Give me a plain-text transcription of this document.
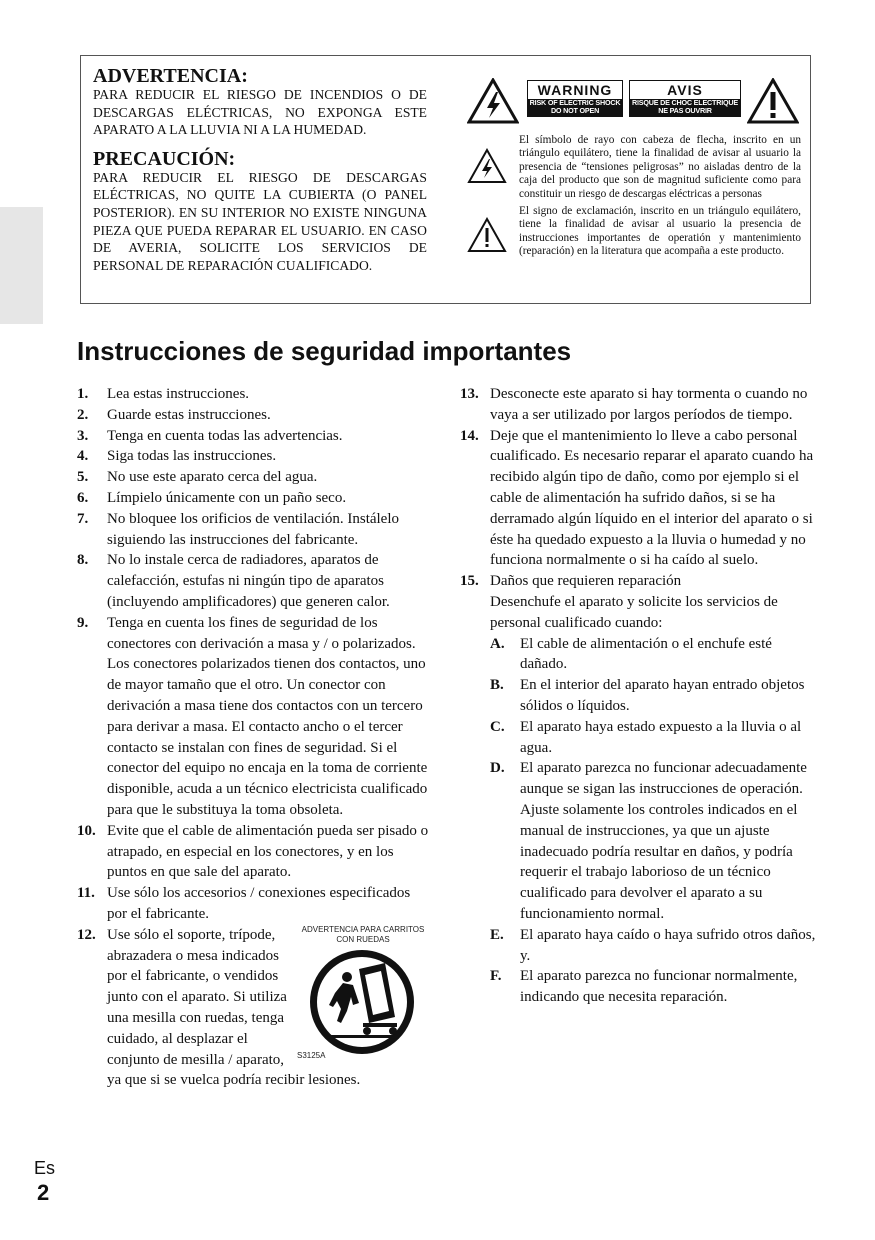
ADVERTENCIA:

PARA REDUCIR EL RIESGO DE INCENDIOS O DE DESCARGAS ELÉCTRICAS, NO EXPONGA ESTE APARATO A LA LLUVIA NI A LA HUMEDAD.

PRECAUCIÓN:

PARA REDUCIR EL RIESGO DE DESCARGAS ELÉCTRICAS, NO QUITE LA CUBIERTA (O PANEL POSTERIOR). EN SU INTERIOR NO EXISTE NINGUNA PIEZA QUE PUEDA REPARAR EL USUARIO. EN CASO DE AVERIA, SOLICITE LOS SERVICIOS DE PERSONAL DE REPARACIÓN CUALIFICADO.

WARNING
RISK OF ELECTRIC SHOCK
DO NOT OPEN
AVIS
RISQUE DE CHOC ELECTRIQUE
NE PAS OUVRIR

El símbolo de rayo con cabeza de flecha, inscrito en un triángulo equilátero, tiene la finalidad de avisar al usuario la presencia de “tensiones peligrosas” no aisladas dentro de la caja del producto que son de magnitud suficiente como para constituir un riesgo de descargas eléctricas a personas

El signo de exclamación, inscrito en un triángulo equilátero, tiene la finalidad de avisar al usuario la presencia de instrucciones importantes de operatión y mantenimiento (reparación) en la literatura que acompaña a este producto.

Instrucciones de seguridad importantes
1. Lea estas instrucciones.
2. Guarde estas instrucciones.
3. Tenga en cuenta todas las advertencias.
4. Siga todas las instrucciones.
5. No use este aparato cerca del agua.
6. Límpielo únicamente con un paño seco.
7. No bloquee los orificios de ventilación. Instálelo siguiendo las instrucciones del fabricante.
8. No lo instale cerca de radiadores, aparatos de calefacción, estufas ni ningún tipo de aparatos (incluyendo amplificadores) que generen calor.
9. Tenga en cuenta los fines de seguridad de los conectores con derivación a masa y / o polarizados. Los conectores polarizados tienen dos contactos, uno de mayor tamaño que el otro. Un conector con derivación a masa tiene dos contactos con un tercero para derivar a masa. El contacto ancho o el tercer contacto se instalan con fines de seguridad. Si el conector del equipo no encaja en la toma de corriente disponible, acuda a un técnico electricista cualificado para que le substituya la toma obsoleta.
10. Evite que el cable de alimentación pueda ser pisado o atrapado, en especial en los conectores, y en los puntos en que sale del aparato.
11. Use sólo los accesorios / conexiones especificados por el fabricante.
12.	ADVERTENCIA PARA CARRITOS CON RUEDAS
S3125A
Use sólo el soporte, trípode, abrazadera o mesa indicados por el fabricante, o vendidos junto con el aparato. Si utiliza una mesilla con ruedas, tenga cuidado, al desplazar el conjunto de mesilla / aparato, ya que si se vuelca podría recibir lesiones.
13. Desconecte este aparato si hay tormenta o cuando no vaya a ser utilizado por largos períodos de tiempo.
14. Deje que el mantenimiento lo lleve a cabo personal cualificado. Es necesario reparar el aparato cuando ha recibido algún tipo de daño, como por ejemplo si el cable de alimentación ha sufrido daños, si se ha derramado algún líquido en el interior del aparato o si éste ha quedado expuesto a la lluvia o humedad y no funciona normalmente o si ha caído al suelo.
15. Daños que requieren reparación
Desenchufe el aparato y solicite los servicios de personal cualificado cuando:
A. El cable de alimentación o el enchufe esté dañado.
B. En el interior del aparato hayan entrado objetos sólidos o líquidos.
C. El aparato haya estado expuesto a la lluvia o al agua.
D. El aparato parezca no funcionar adecuadamente aunque se sigan las instrucciones de operación. Ajuste solamente los controles indicados en el manual de instrucciones, ya que un ajuste inadecuado podría resultar en daños, y podría requerir el trabajo laborioso de un técnico cualificado para devolver el aparato a su funcionamiento normal.
E. El aparato haya caído o haya sufrido otros daños, y.
F. El aparato parezca no funcionar normalmente, indicando que necesita reparación.
Es
2
